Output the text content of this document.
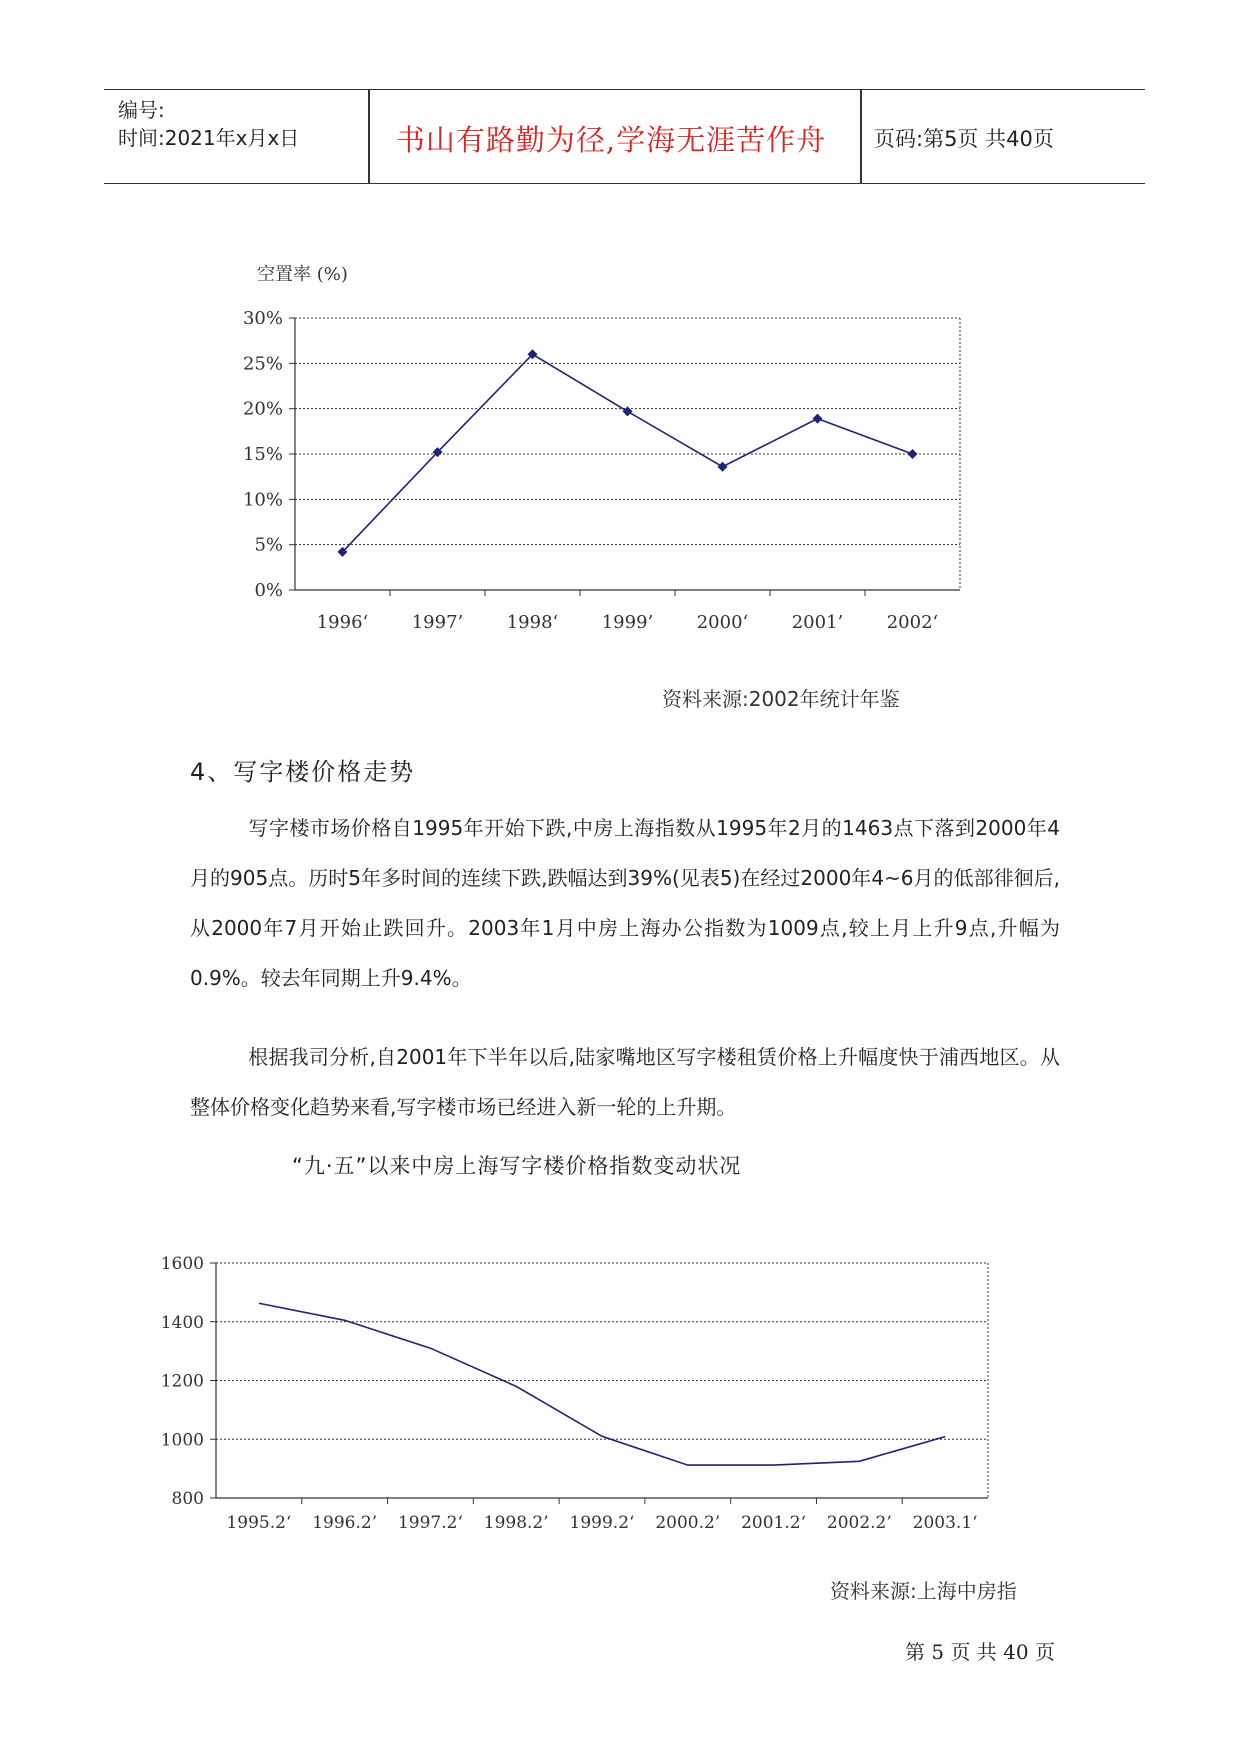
编号:
时间:2021年x月x日	书山有路勤为径,学海无涯苦作舟	页码:第5页 共40页
空置率 (%)
0%
5%
10%
15%
20%
25%
30%
1996‘ 1997’ 1998‘ 1999’ 2000‘ 2001’ 2002‘
资料来源:2002年统计年鉴
4、写字楼价格走势
写字楼市场价格自1995年开始下跌,中房上海指数从1995年2月的1463点下落到2000年4月的905点。历时5年多时间的连续下跌,跌幅达到39%(见表5)在经过2000年4~6月的低部徘徊后,从2000年7月开始止跌回升。2003年1月中房上海办公指数为1009点,较上月上升9点,升幅为0.9%。较去年同期上升9.4%。
根据我司分析,自2001年下半年以后,陆家嘴地区写字楼租赁价格上升幅度快于浦西地区。从整体价格变化趋势来看,写字楼市场已经进入新一轮的上升期。
“九·五”以来中房上海写字楼价格指数变动状况
800
1000
1200
1400
1600
1995.2‘ 1996.2’ 1997.2‘ 1998.2’ 1999.2‘ 2000.2’ 2001.2‘ 2002.2’ 2003.1‘
资料来源:上海中房指
第 5 页 共 40 页
